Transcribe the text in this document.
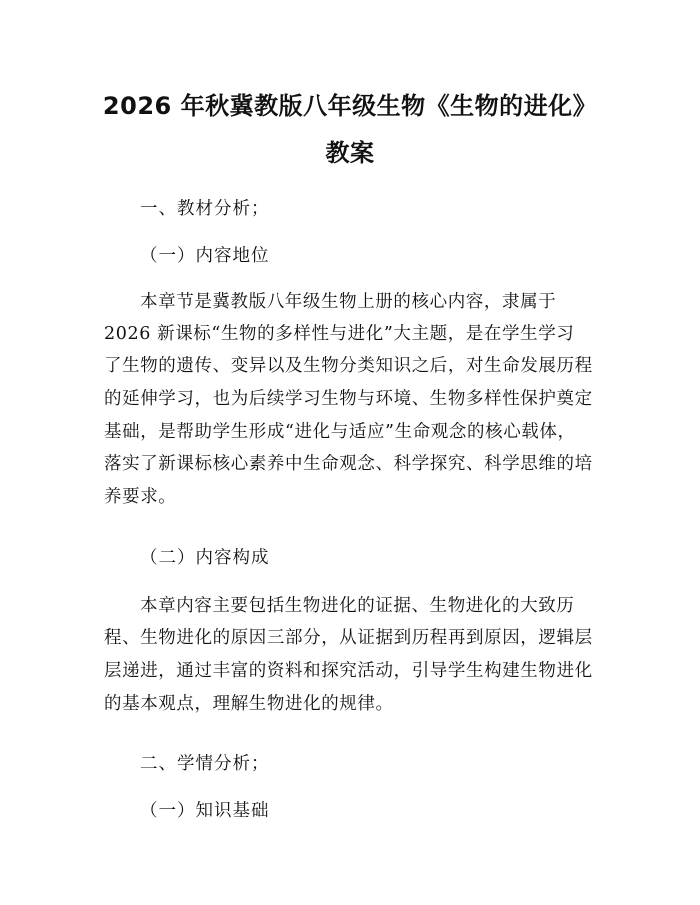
2026 年秋冀教版八年级生物《生物的进化》
教案
一、教材分析；
（一）内容地位
本章节是冀教版八年级生物上册的核心内容，隶属于
2026 新课标“生物的多样性与进化”大主题，是在学生学习
了生物的遗传、变异以及生物分类知识之后，对生命发展历程
的延伸学习，也为后续学习生物与环境、生物多样性保护奠定
基础，是帮助学生形成“进化与适应”生命观念的核心载体，
落实了新课标核心素养中生命观念、科学探究、科学思维的培
养要求。
（二）内容构成
本章内容主要包括生物进化的证据、生物进化的大致历
程、生物进化的原因三部分，从证据到历程再到原因，逻辑层
层递进，通过丰富的资料和探究活动，引导学生构建生物进化
的基本观点，理解生物进化的规律。
二、学情分析；
（一）知识基础
